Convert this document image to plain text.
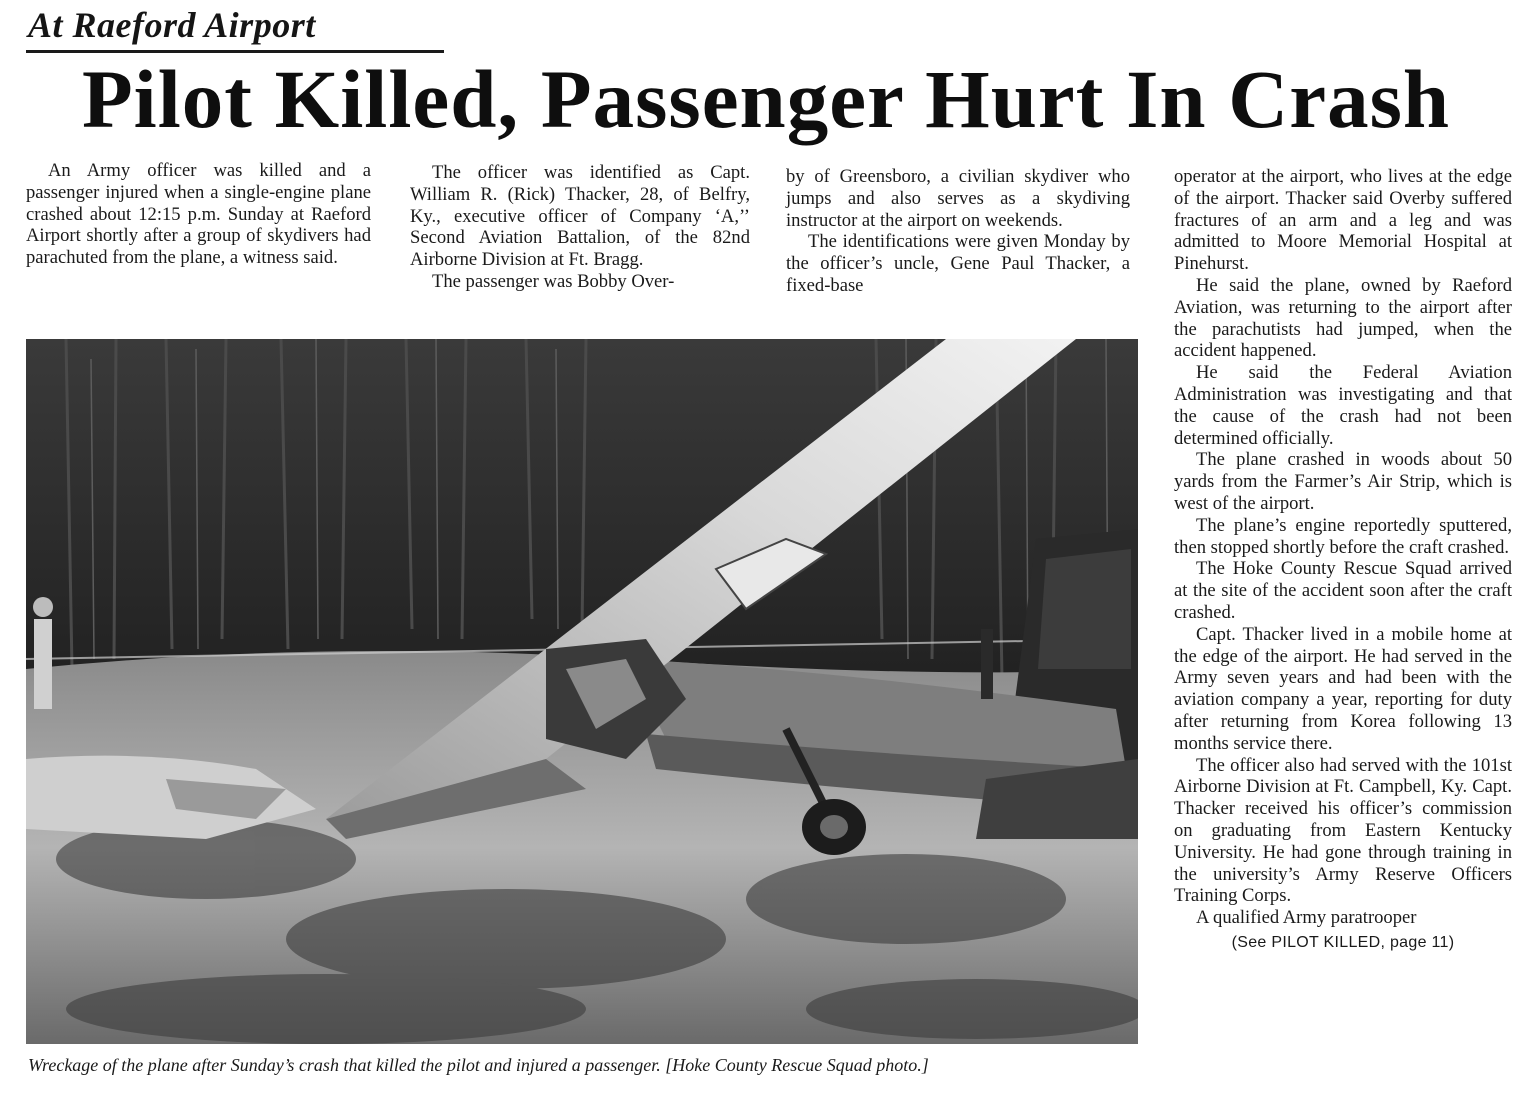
At Raeford Airport
Pilot Killed, Passenger Hurt In Crash

An Army officer was killed and a passenger injured when a single-engine plane crashed about 12:15 p.m. Sunday at Raeford Airport shortly after a group of skydivers had parachuted from the plane, a witness said.

The officer was identified as Capt. William R. (Rick) Thacker, 28, of Belfry, Ky., executive officer of Company ‘A,’’ Second Aviation Battalion, of the 82nd Airborne Division at Ft. Bragg.

The passenger was Bobby Over-

by of Greensboro, a civilian skydiver who jumps and also serves as a skydiving instructor at the airport on weekends.

The identifications were given Monday by the officer’s uncle, Gene Paul Thacker, a fixed-base

operator at the airport, who lives at the edge of the airport. Thacker said Overby suffered fractures of an arm and a leg and was admitted to Moore Memorial Hospital at Pinehurst.

He said the plane, owned by Raeford Aviation, was returning to the airport after the parachutists had jumped, when the accident happened.

He said the Federal Aviation Administration was investigating and that the cause of the crash had not been determined officially.

The plane crashed in woods about 50 yards from the Farmer’s Air Strip, which is west of the airport.

The plane’s engine reportedly sputtered, then stopped shortly before the craft crashed.

The Hoke County Rescue Squad arrived at the site of the accident soon after the craft crashed.

Capt. Thacker lived in a mobile home at the edge of the airport. He had served in the Army seven years and had been with the aviation company a year, reporting for duty after returning from Korea following 13 months service there.

The officer also had served with the 101st Airborne Division at Ft. Campbell, Ky. Capt. Thacker received his officer’s commission on graduating from Eastern Kentucky University. He had gone through training in the university’s Army Reserve Officers Training Corps.

A qualified Army paratrooper

(See PILOT KILLED, page 11)
Wreckage of the plane after Sunday’s crash that killed the pilot and injured a passenger. [Hoke County Rescue Squad photo.]
